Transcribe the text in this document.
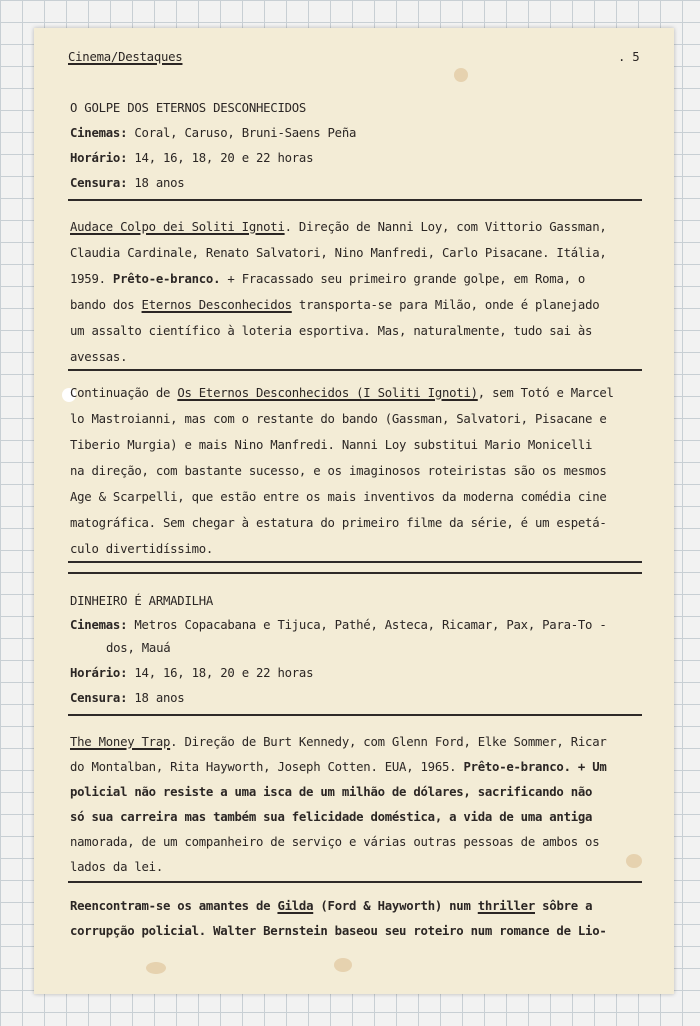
Cinema/Destaques	. 5
O GOLPE DOS ETERNOS DESCONHECIDOS
Cinemas: Coral, Caruso, Bruni-Saens Peña
Horário: 14, 16, 18, 20 e 22 horas
Censura: 18 anos
Audace Colpo dei Soliti Ignoti. Direção de Nanni Loy, com Vittorio Gassman,
Claudia Cardinale, Renato Salvatori, Nino Manfredi, Carlo Pisacane. Itália,
1959. Prêto-e-branco. + Fracassado seu primeiro grande golpe, em Roma, o
bando dos Eternos Desconhecidos transporta-se para Milão, onde é planejado
um assalto científico à loteria esportiva. Mas, naturalmente, tudo sai às
avessas.
Continuação de Os Eternos Desconhecidos (I Soliti Ignoti), sem Totó e Marcel
lo Mastroianni, mas com o restante do bando (Gassman, Salvatori, Pisacane e
Tiberio Murgia) e mais Nino Manfredi. Nanni Loy substitui Mario Monicelli
na direção, com bastante sucesso, e os imaginosos roteiristas são os mesmos
Age & Scarpelli, que estão entre os mais inventivos da moderna comédia cine
matográfica. Sem chegar à estatura do primeiro filme da série, é um espetá-
culo divertidíssimo.
DINHEIRO É ARMADILHA
Cinemas: Metros Copacabana e Tijuca, Pathé, Asteca, Ricamar, Pax, Para-To -
dos, Mauá
Horário: 14, 16, 18, 20 e 22 horas
Censura: 18 anos
The Money Trap. Direção de Burt Kennedy, com Glenn Ford, Elke Sommer, Ricar
do Montalban, Rita Hayworth, Joseph Cotten. EUA, 1965. Prêto-e-branco. + Um
policial não resiste a uma isca de um milhão de dólares, sacrificando não
só sua carreira mas também sua felicidade doméstica, a vida de uma antiga
namorada, de um companheiro de serviço e várias outras pessoas de ambos os
lados da lei.
Reencontram-se os amantes de Gilda (Ford & Hayworth) num thriller sôbre a
corrupção policial. Walter Bernstein baseou seu roteiro num romance de Lio-
